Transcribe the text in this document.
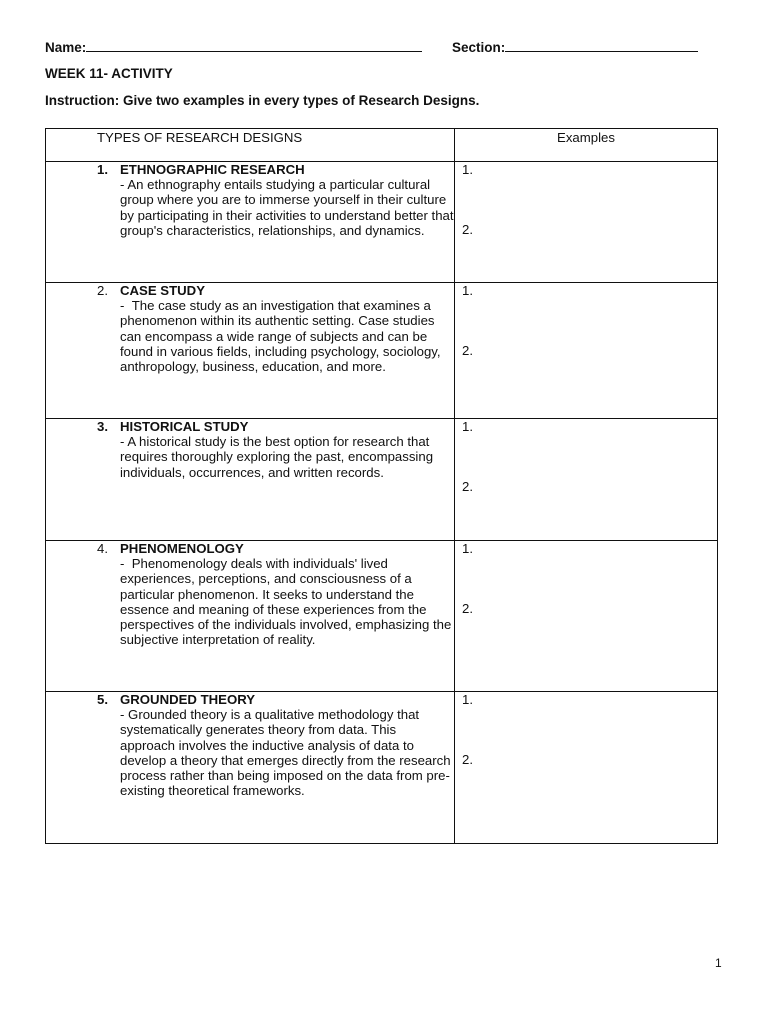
Name:	Section:
WEEK 11- ACTIVITY
Instruction: Give two examples in every types of Research Designs.
TYPES OF RESEARCH DESIGNS	Examples

1. ETHNOGRAPHIC RESEARCH
- An ethnography entails studying a particular cultural group where you are to immerse yourself in their culture by participating in their activities to understand better that group's characteristics, relationships, and dynamics.	1.
2.

2. CASE STUDY
-  The case study as an investigation that examines a phenomenon within its authentic setting. Case studies can encompass a wide range of subjects and can be found in various fields, including psychology, sociology, anthropology, business, education, and more.	1.
2.

3. HISTORICAL STUDY
- A historical study is the best option for research that requires thoroughly exploring the past, encompassing individuals, occurrences, and written records.	1.
2.

4. PHENOMENOLOGY
-  Phenomenology deals with individuals' lived experiences, perceptions, and consciousness of a particular phenomenon. It seeks to understand the essence and meaning of these experiences from the perspectives of the individuals involved, emphasizing the subjective interpretation of reality.	1.
2.

5. GROUNDED THEORY
- Grounded theory is a qualitative methodology that systematically generates theory from data. This approach involves the inductive analysis of data to develop a theory that emerges directly from the research process rather than being imposed on the data from pre-existing theoretical frameworks.	1.
2.
1
